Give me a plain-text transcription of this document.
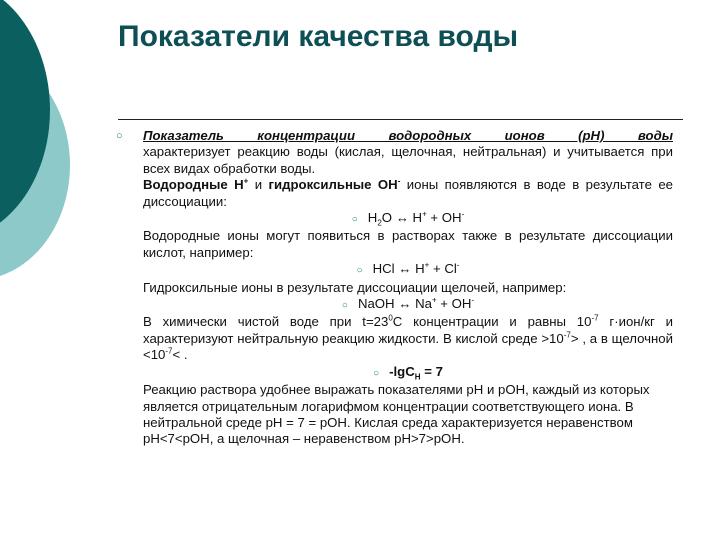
Показатели качества воды
○ Показатель концентрации водородных ионов (pH) воды

характеризует реакцию воды (кислая, щелочная, нейтральная) и учитывается при всех видах обработки воды.

Водородные H+ и гидроксильные OH- ионы появляются в воде в результате ее диссоциации:

○ $H_2O$ ↔ H+ + OH-

Водородные ионы могут появиться в растворах также в результате диссоциации кислот, например:

○ HCl ↔ H+ + Cl-

Гидроксильные ионы в результате диссоциации щелочей, например:

○ NaOH ↔ Na+ + OH-

В химически чистой воде при $t=23^0C$ концентрации и равны $10^{-7}$ г·ион/кг и характеризуют нейтральную реакцию жидкости. В кислой среде $>10^{-7}>$ , а в щелочной $<10^{-7}<$ .

○ -lgC$_H$ = 7

Реакцию раствора удобнее выражать показателями pH и pOH, каждый из которых является отрицательным логарифмом концентрации соответствующего иона. В нейтральной среде pH = 7 = pOH. Кислая среда характеризуется неравенством pH<7<pOH, а щелочная – неравенством pH>7>pOH.
